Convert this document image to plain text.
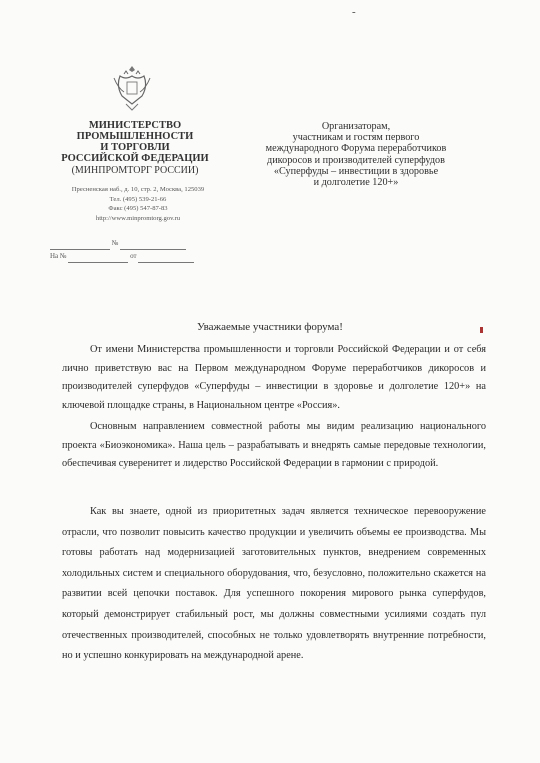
-
МИНИСТЕРСТВО
ПРОМЫШЛЕННОСТИ
И ТОРГОВЛИ
РОССИЙСКОЙ ФЕДЕРАЦИИ
(МИНПРОМТОРГ РОССИИ)
Пресненская наб., д. 10, стр. 2, Москва, 125039
Тел. (495) 539-21-66
Факс (495) 547-87-83
http://www.minpromtorg.gov.ru
№
На №	от
Организаторам,
участникам и гостям первого
международного Форума переработчиков
дикоросов и производителей суперфудов
«Суперфуды – инвестиции в здоровье
и долголетие 120+»
Уважаемые участники форума!
От имени Министерства промышленности и торговли Российской Федерации и от себя лично приветствую вас на Первом международном Форуме переработчиков дикоросов и производителей суперфудов «Суперфуды – инвестиции в здоровье и долголетие 120+» на ключевой площадке страны, в Национальном центре «Россия».
Основным направлением совместной работы мы видим реализацию национального проекта «Биоэкономика». Наша цель – разрабатывать и внедрять самые передовые технологии, обеспечивая суверенитет и лидерство Российской Федерации в гармонии с природой.
Как вы знаете, одной из приоритетных задач является техническое перевооружение отрасли, что позволит повысить качество продукции и увеличить объемы ее производства. Мы готовы работать над модернизацией заготовительных пунктов, внедрением современных холодильных систем и специального оборудования, что, безусловно, положительно скажется на развитии всей цепочки поставок. Для успешного покорения мирового рынка суперфудов, который демонстрирует стабильный рост, мы должны совместными усилиями создать пул отечественных производителей, способных не только удовлетворять внутренние потребности, но и успешно конкурировать на международной арене.
